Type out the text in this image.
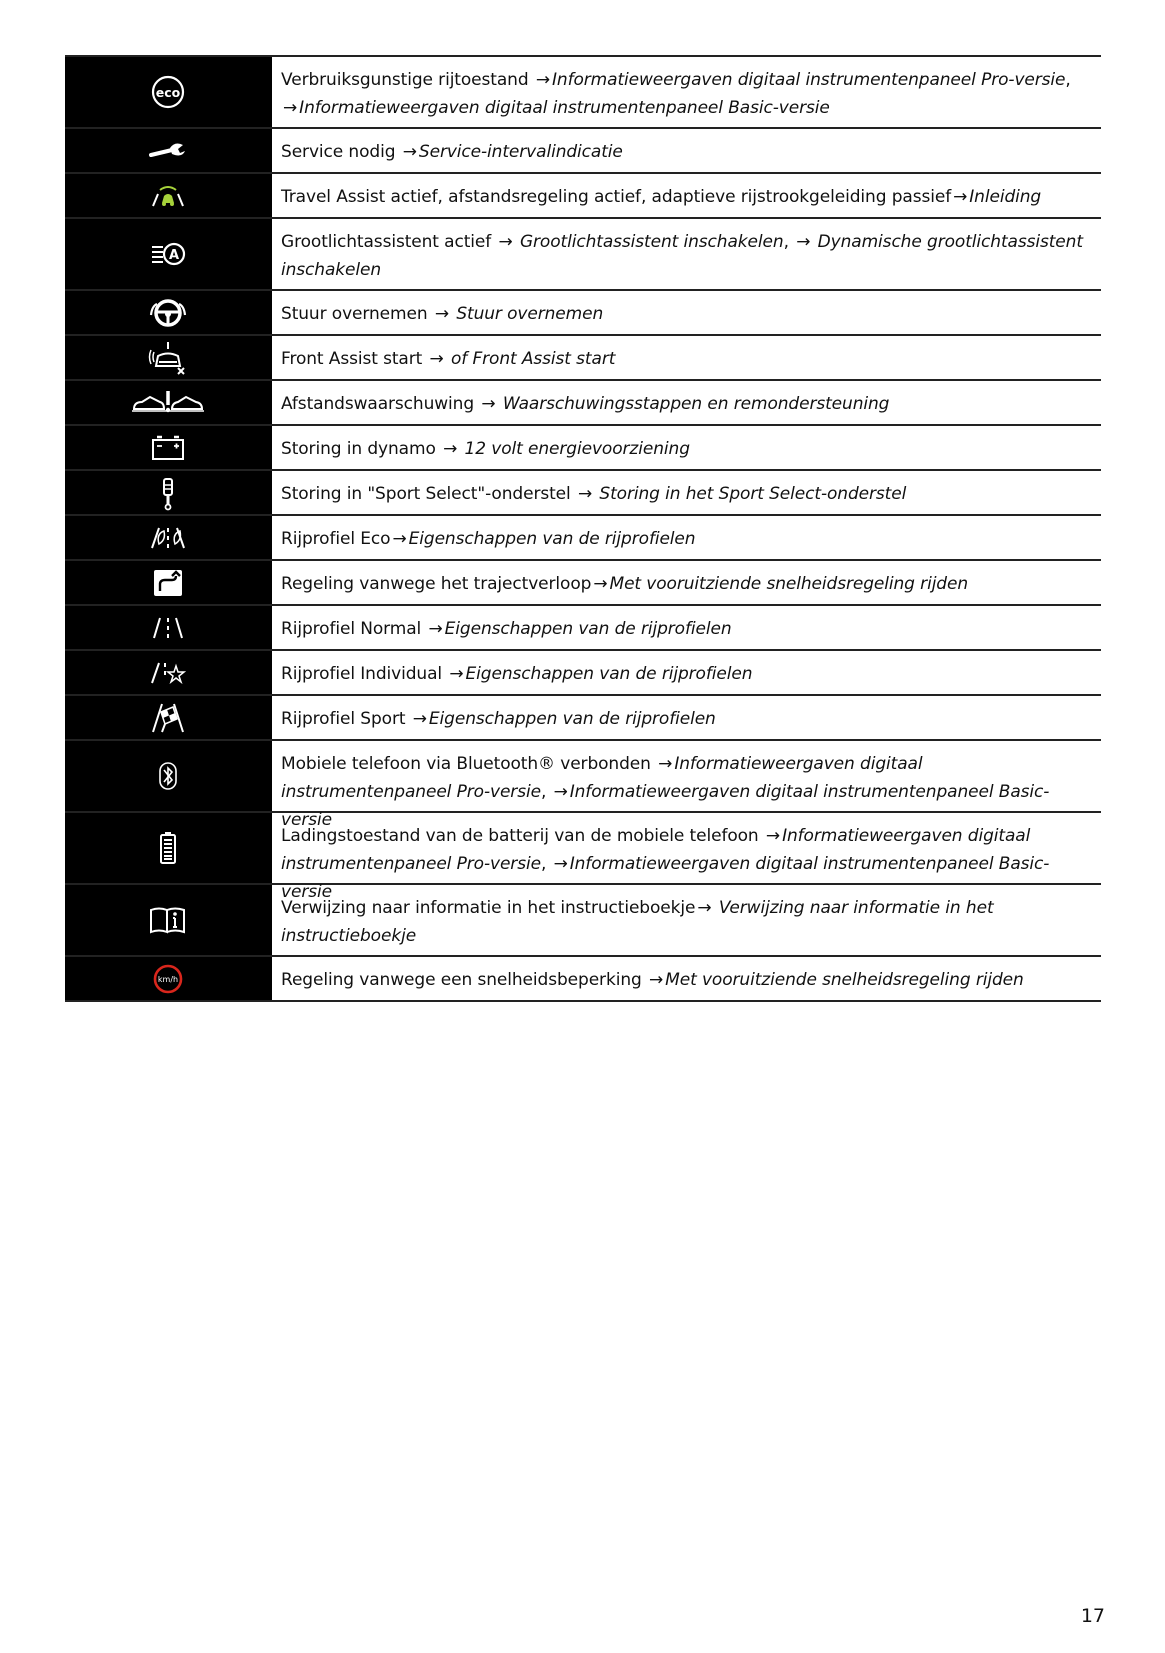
eco
Verbruiksgunstige rijtoestand → Informatieweergaven digitaal instrumentenpaneel Pro-versie,
→ Informatieweergaven digitaal instrumentenpaneel Basic-versie
Service nodig → Service-intervalindicatie
Travel Assist actief, afstandsregeling actief, adaptieve rijstrookgeleiding passief → Inleiding
A
Grootlichtassistent actief → Grootlichtassistent inschakelen, → Dynamische grootlichtassistent inschakelen
Stuur overnemen → Stuur overnemen
Front Assist start → of Front Assist start
Afstandswaarschuwing → Waarschuwingsstappen en remondersteuning
Storing in dynamo → 12 volt energievoorziening
Storing in "Sport Select"-onderstel → Storing in het Sport Select-onderstel
Rijprofiel Eco → Eigenschappen van de rijprofielen
Regeling vanwege het trajectverloop → Met vooruitziende snelheidsregeling rijden
Rijprofiel Normal → Eigenschappen van de rijprofielen
Rijprofiel Individual → Eigenschappen van de rijprofielen
Rijprofiel Sport → Eigenschappen van de rijprofielen
Mobiele telefoon via Bluetooth® verbonden → Informatieweergaven digitaal instrumentenpaneel Pro-versie, → Informatieweergaven digitaal instrumentenpaneel Basic-versie
Ladingstoestand van de batterij van de mobiele telefoon → Informatieweergaven digitaal instrumentenpaneel Pro-versie, → Informatieweergaven digitaal instrumentenpaneel Basic-versie
Verwijzing naar informatie in het instructieboekje → Verwijzing naar informatie in het instructieboekje
km/h	Regeling vanwege een snelheidsbeperking → Met vooruitziende snelheidsregeling rijden
17
